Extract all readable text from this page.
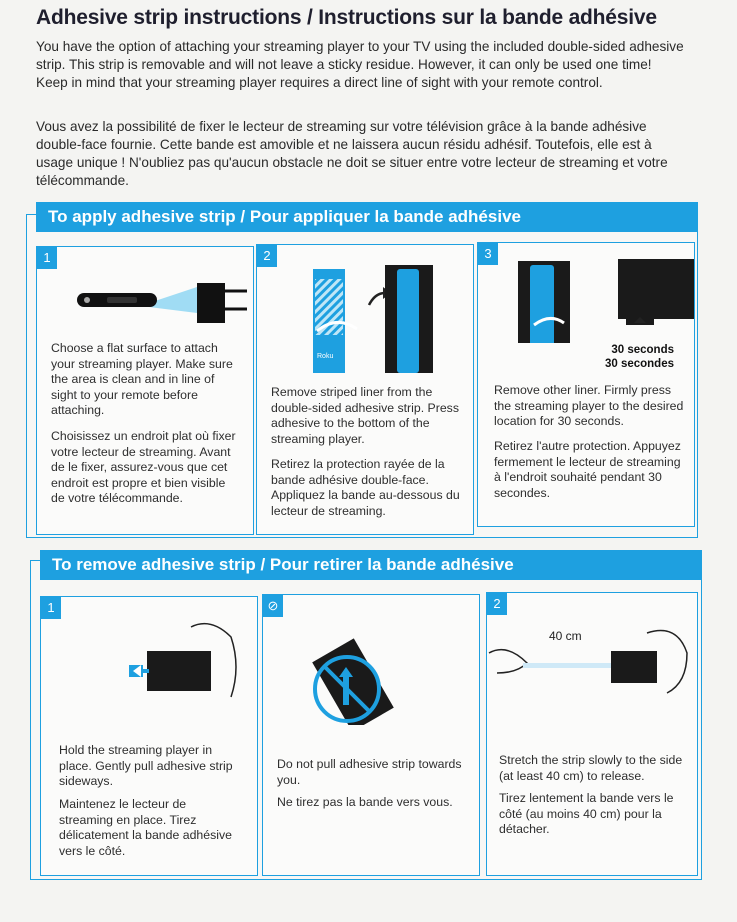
Adhesive strip instructions / Instructions sur la bande adhésive

You have the option of attaching your streaming player to your TV using the included double-sided adhesive strip. This strip is removable and will not leave a sticky residue. However, it can only be used one time! Keep in mind that your streaming player requires a direct line of sight with your remote control.

Vous avez la possibilité de fixer le lecteur de streaming sur votre télévision grâce à la bande adhésive double-face fournie. Cette bande est amovible et ne laissera aucun résidu adhésif. Toutefois, elle est à usage unique ! N'oubliez pas qu'aucun obstacle ne doit se situer entre votre lecteur de streaming et votre télécommande.

To apply adhesive strip / Pour appliquer la bande adhésive
1

Choose a flat surface to attach your streaming player. Make sure the area is clean and in line of sight to your remote before attaching.

Choisissez un endroit plat où fixer votre lecteur de streaming. Avant de le fixer, assurez-vous que cet endroit est propre et bien visible de votre télécommande.

2
Roku

Remove striped liner from the double-sided adhesive strip. Press adhesive to the bottom of the streaming player.

Retirez la protection rayée de la bande adhésive double-face. Appliquez la bande au-dessous du lecteur de streaming.

3
30 seconds
30 secondes

Remove other liner. Firmly press the streaming player to the desired location for 30 seconds.

Retirez l'autre protection. Appuyez fermement le lecteur de streaming à l'endroit souhaité pendant 30 secondes.

To remove adhesive strip / Pour retirer la bande adhésive
1

Hold the streaming player in place. Gently pull adhesive strip sideways.

Maintenez le lecteur de streaming en place. Tirez délicatement la bande adhésive vers le côté.

⊘

Do not pull adhesive strip towards you.

Ne tirez pas la bande vers vous.

2
40 cm

Stretch the strip slowly to the side (at least 40 cm) to release.

Tirez lentement la bande vers le côté (au moins 40 cm) pour la détacher.
